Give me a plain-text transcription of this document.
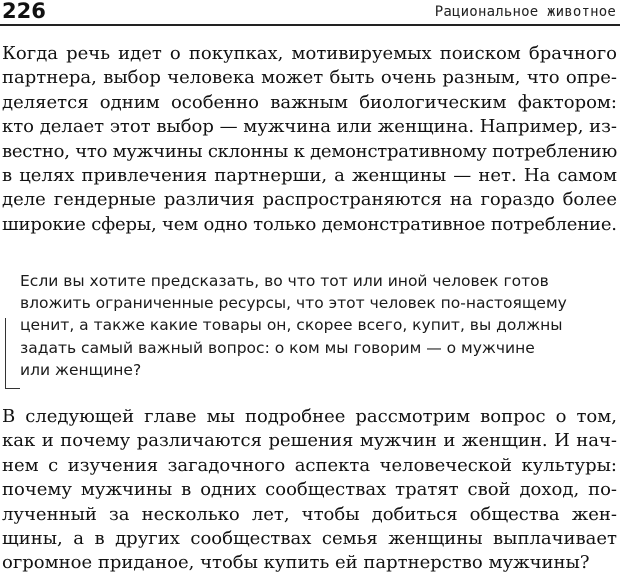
226	Рациональное животное
Когда речь идет о покупках, мотивируемых поиском брачного
партнера, выбор человека может быть очень разным, что опре-
деляется одним особенно важным биологическим фактором:
кто делает этот выбор — мужчина или женщина. Например, из-
вестно, что мужчины склонны к демонстративному потреблению
в целях привлечения партнерши, а женщины — нет. На самом
деле гендерные различия распространяются на гораздо более
широкие сферы, чем одно только демонстративное потребление.
Если вы хотите предсказать, во что тот или иной человек готов
вложить ограниченные ресурсы, что этот человек по-настоящему
ценит, а также какие товары он, скорее всего, купит, вы должны
задать самый важный вопрос: о ком мы говорим — о мужчине
или женщине?
В следующей главе мы подробнее рассмотрим вопрос о том,
как и почему различаются решения мужчин и женщин. И нач-
нем с изучения загадочного аспекта человеческой культуры:
почему мужчины в одних сообществах тратят свой доход, по-
лученный за несколько лет, чтобы добиться общества жен-
щины, а в других сообществах семья женщины выплачивает
огромное приданое, чтобы купить ей партнерство мужчины?
